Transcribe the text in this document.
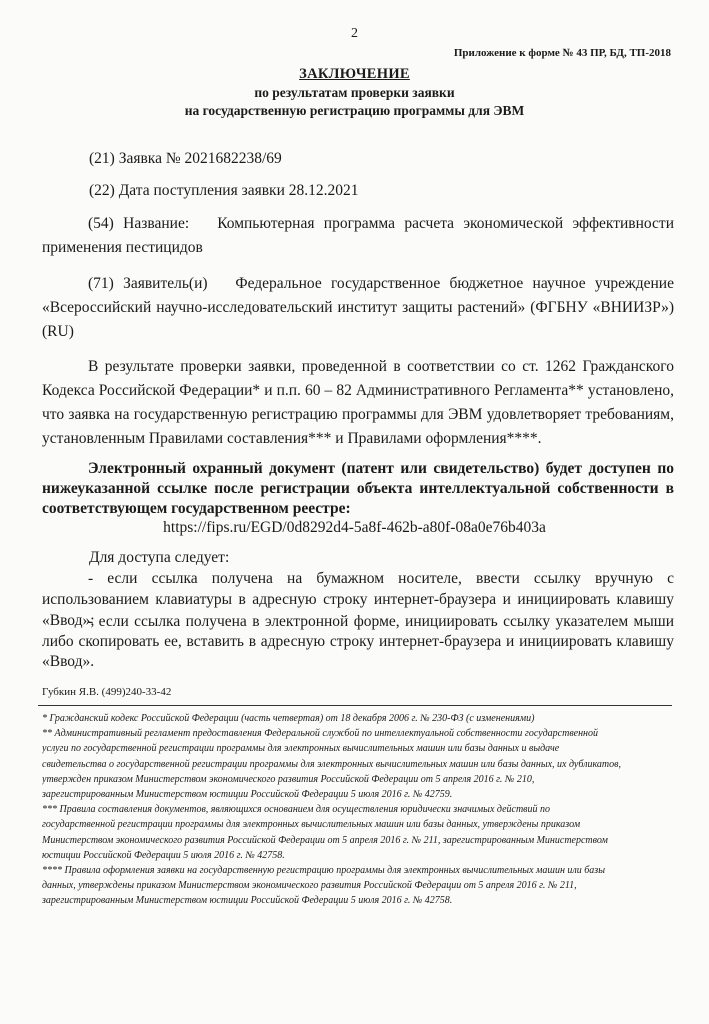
2
Приложение к форме № 43 ПР, БД, ТП-2018
ЗАКЛЮЧЕНИЕ
по результатам проверки заявки
на государственную регистрацию программы для ЭВМ
(21) Заявка № 2021682238/69
(22) Дата поступления заявки 28.12.2021

(54) Название: Компьютерная программа расчета экономической эффективности применения пестицидов

(71) Заявитель(и) Федеральное государственное бюджетное научное учреждение «Всероссийский научно-исследовательский институт защиты растений» (ФГБНУ «ВНИИЗР») (RU)

В результате проверки заявки, проведенной в соответствии со ст. 1262 Гражданского Кодекса Российской Федерации* и п.п. 60 – 82 Административного Регламента** установлено, что заявка на государственную регистрацию программы для ЭВМ удовлетворяет требованиям, установленным Правилами составления*** и Правилами оформления****.

Электронный охранный документ (патент или свидетельство) будет доступен по нижеуказанной ссылке после регистрации объекта интеллектуальной собственности в соответствующем государственном реестре:

https://fips.ru/EGD/0d8292d4-5a8f-462b-a80f-08a0e76b403a
Для доступа следует:

- если ссылка получена на бумажном носителе, ввести ссылку вручную с использованием клавиатуры в адресную строку интернет-браузера и инициировать клавишу «Ввод»;

- если ссылка получена в электронной форме, инициировать ссылку указателем мыши либо скопировать ее, вставить в адресную строку интернет-браузера и инициировать клавишу «Ввод».

Губкин Я.В. (499)240-33-42
* Гражданский кодекс Российской Федерации (часть четвертая) от 18 декабря 2006 г. № 230-ФЗ (с изменениями)
** Административный регламент предоставления Федеральной службой по интеллектуальной собственности государственной
услуги по государственной регистрации программы для электронных вычислительных машин или базы данных и выдаче
свидетельства о государственной регистрации программы для электронных вычислительных машин или базы данных, их дубликатов,
утвержден приказом Министерством экономического развития Российской Федерации от 5 апреля 2016 г. № 210,
зарегистрированным Министерством юстиции Российской Федерации 5 июля 2016 г. № 42759.
*** Правила составления документов, являющихся основанием для осуществления юридически значимых действий по
государственной регистрации программы для электронных вычислительных машин или базы данных, утверждены приказом
Министерством экономического развития Российской Федерации от 5 апреля 2016 г. № 211, зарегистрированным Министерством
юстиции Российской Федерации 5 июля 2016 г. № 42758.
**** Правила оформления заявки на государственную регистрацию программы для электронных вычислительных машин или базы
данных, утверждены приказом Министерством экономического развития Российской Федерации от 5 апреля 2016 г. № 211,
зарегистрированным Министерством юстиции Российской Федерации 5 июля 2016 г. № 42758.
